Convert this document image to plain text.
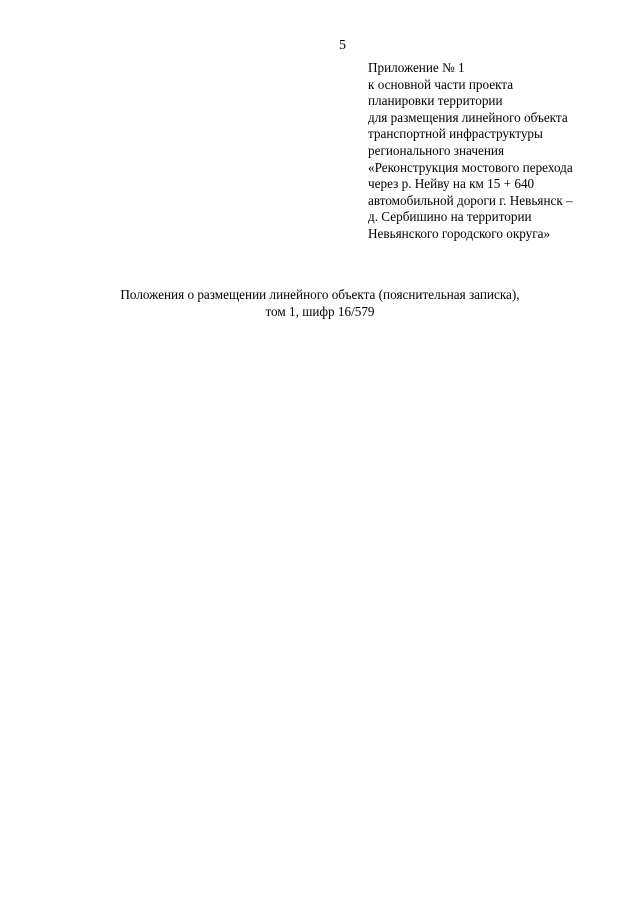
5
Приложение № 1
к основной части проекта
планировки территории
для размещения линейного объекта
транспортной инфраструктуры
регионального значения
«Реконструкция мостового перехода
через р. Нейву на км 15 + 640
автомобильной дороги г. Невьянск –
д. Сербишино на территории
Невьянского городского округа»
Положения о размещении линейного объекта (пояснительная записка),
том 1, шифр 16/579
